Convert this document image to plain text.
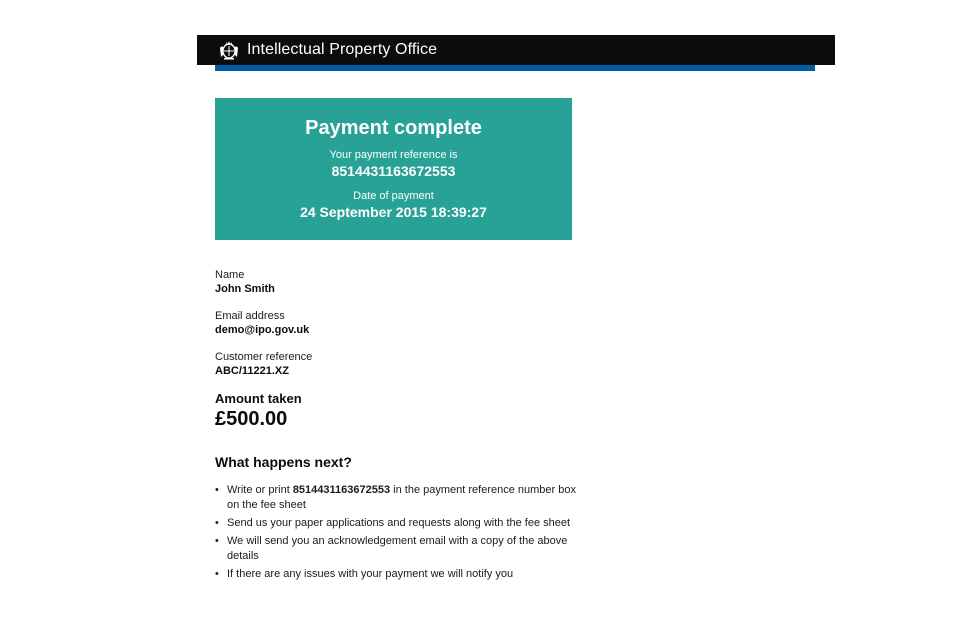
Intellectual Property Office
Payment complete
Your payment reference is
8514431163672553
Date of payment
24 September 2015 18:39:27
Name
John Smith
Email address
demo@ipo.gov.uk
Customer reference
ABC/11221.XZ
Amount taken
£500.00
What happens next?
• Write or print 8514431163672553 in the payment reference number box on the fee sheet
• Send us your paper applications and requests along with the fee sheet
• We will send you an acknowledgement email with a copy of the above details
• If there are any issues with your payment we will notify you
